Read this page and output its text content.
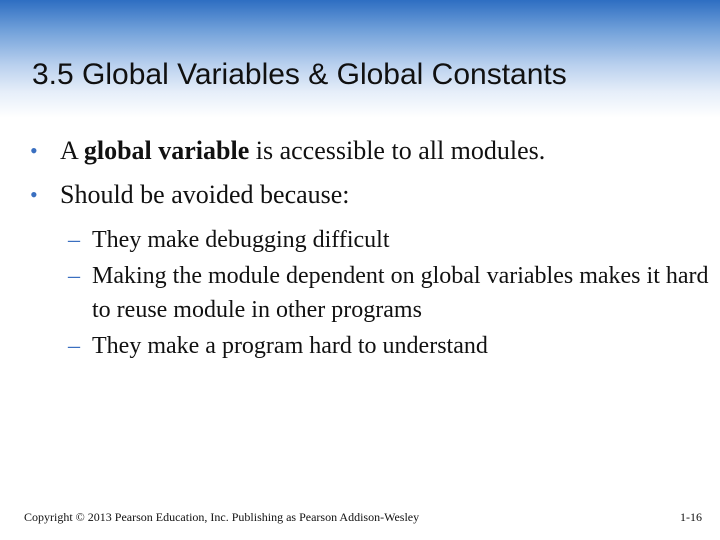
3.5 Global Variables & Global Constants
• A global variable is accessible to all modules.
• Should be avoided because:
– They make debugging difficult
– Making the module dependent on global variables makes it hard to reuse module in other programs
– They make a program hard to understand
Copyright © 2013 Pearson Education, Inc. Publishing as Pearson Addison-Wesley	1-16
